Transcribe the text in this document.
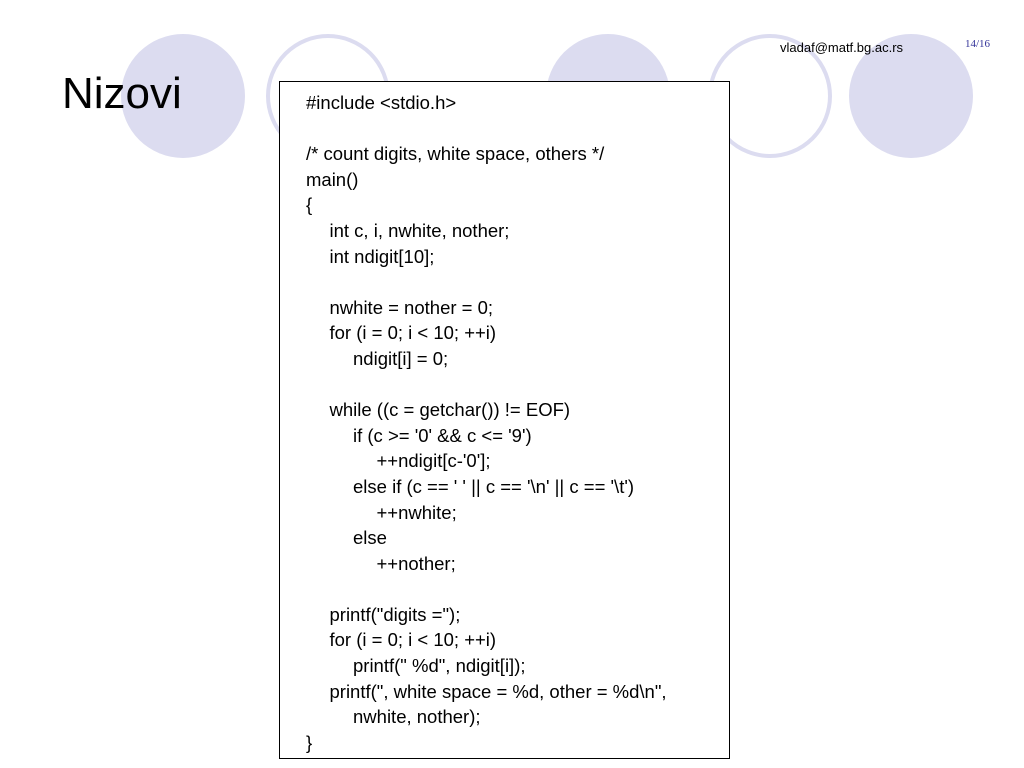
Nizovi
vladaf@matf.bg.ac.rs	14/16
#include <stdio.h>
/* count digits, white space, others */
main()
{
int c, i, nwhite, nother;
int ndigit[10];
nwhite = nother = 0;
for (i = 0; i < 10; ++i)
ndigit[i] = 0;
while ((c = getchar()) != EOF)
if (c >= '0' && c <= '9')
++ndigit[c-'0'];
else if (c == ' ' || c == '\n' || c == '\t')
++nwhite;
else
++nother;
printf("digits =");
for (i = 0; i < 10; ++i)
printf(" %d", ndigit[i]);
printf(", white space = %d, other = %d\n",
nwhite, nother);
}
